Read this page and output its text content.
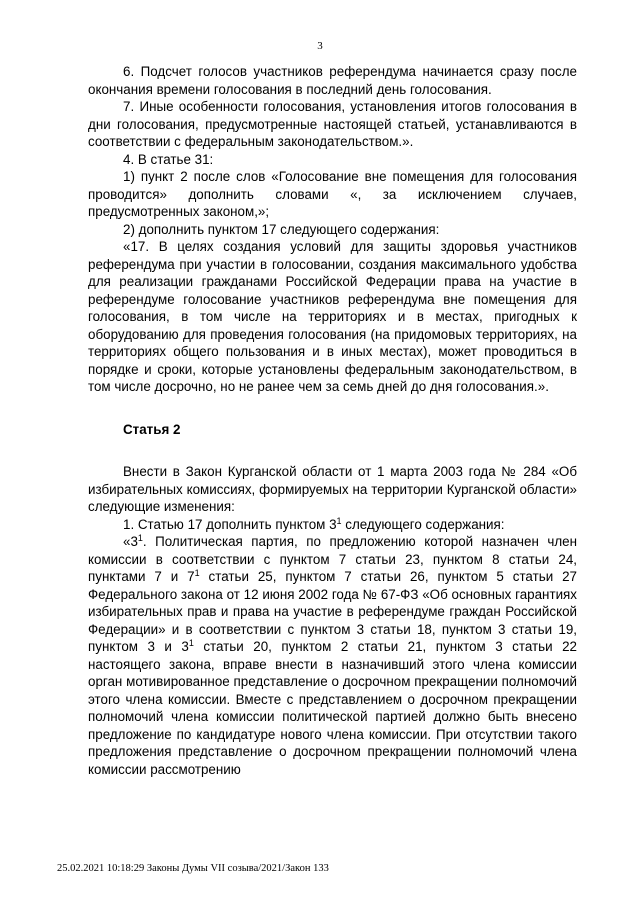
3

6. Подсчет голосов участников референдума начинается сразу после окончания времени голосования в последний день голосования.

7. Иные особенности голосования, установления итогов голосования в дни голосования, предусмотренные настоящей статьей, устанавливаются в соответствии с федеральным законодательством.».

4. В статье 31:

1) пункт 2 после слов «Голосование вне помещения для голосования проводится» дополнить словами «, за исключением случаев, предусмотренных законом,»;

2) дополнить пунктом 17 следующего содержания:

«17. В целях создания условий для защиты здоровья участников референдума при участии в голосовании, создания максимального удобства для реализации гражданами Российской Федерации права на участие в референдуме голосование участников референдума вне помещения для голосования, в том числе на территориях и в местах, пригодных к оборудованию для проведения голосования (на придомовых территориях, на территориях общего пользования и в иных местах), может проводиться в порядке и сроки, которые установлены федеральным законодательством, в том числе досрочно, но не ранее чем за семь дней до дня голосования.».

Статья 2

Внести в Закон Курганской области от 1 марта 2003 года № 284 «Об избирательных комиссиях, формируемых на территории Курганской области» следующие изменения:

1. Статью 17 дополнить пунктом $3^1$ следующего содержания:

«$3^1$. Политическая партия, по предложению которой назначен член комиссии в соответствии с пунктом 7 статьи 23, пунктом 8 статьи 24, пунктами 7 и $7^1$ статьи 25, пунктом 7 статьи 26, пунктом 5 статьи 27 Федерального закона от 12 июня 2002 года № 67-ФЗ «Об основных гарантиях избирательных прав и права на участие в референдуме граждан Российской Федерации» и в соответствии с пунктом 3 статьи 18, пунктом 3 статьи 19, пунктом 3 и $3^1$ статьи 20, пунктом 2 статьи 21, пунктом 3 статьи 22 настоящего закона, вправе внести в назначивший этого члена комиссии орган мотивированное представление о досрочном прекращении полномочий этого члена комиссии. Вместе с представлением о досрочном прекращении полномочий члена комиссии политической партией должно быть внесено предложение по кандидатуре нового члена комиссии. При отсутствии такого предложения представление о досрочном прекращении полномочий члена комиссии рассмотрению

25.02.2021 10:18:29 Законы Думы VII созыва/2021/Закон 133
